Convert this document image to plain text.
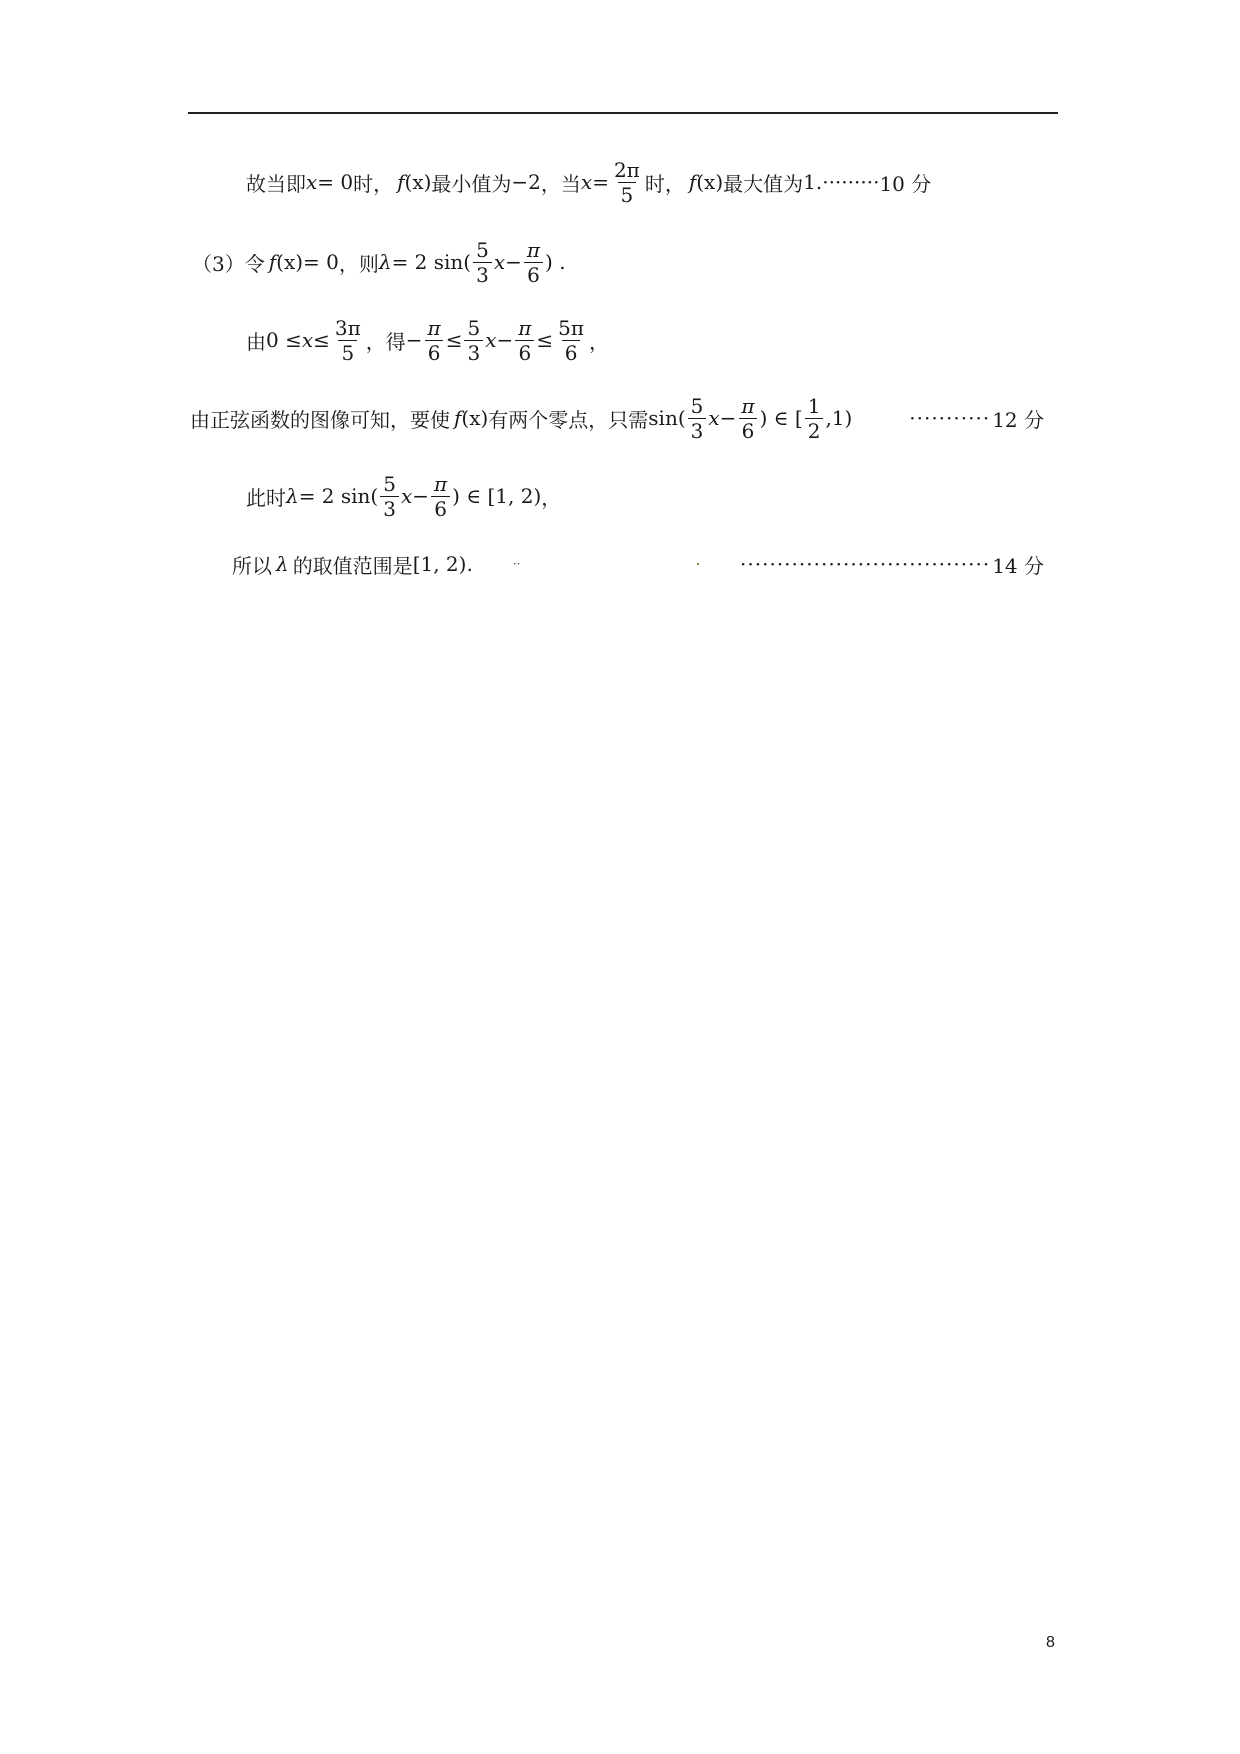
故当即 x = 0 时， f (x) 最小值为 −2 ，当 $x = \frac{2\pi}{5}$ 时， f (x) 最大值为 1. ········· 10 分
（3）令 f (x) = 0 ，则 λ = 2 $\sin( \frac{5}{3}$ $x - \frac{\pi}{6}$ ) .
由 $0 \le x \le \frac{3\pi}{5}$ ，得 − $\frac{\pi}{6} \le \frac{5}{3}$ $x - \frac{\pi}{6} \le \frac{5\pi}{6}$ ，
由正弦函数的图像可知，要使 f (x) 有两个零点，只需 $\sin( \frac{5}{3}$ $x - \frac{\pi}{6}$ ) ∈ [ $\frac{1}{2} ,1$)	··········· 12 分
此时 λ = 2 $\sin( \frac{5}{3}$ $x - \frac{\pi}{6}$ ) ∈ [1, 2) ，
所以 λ 的取值范围是 [1, 2) .	··	·································· 14 分
8
